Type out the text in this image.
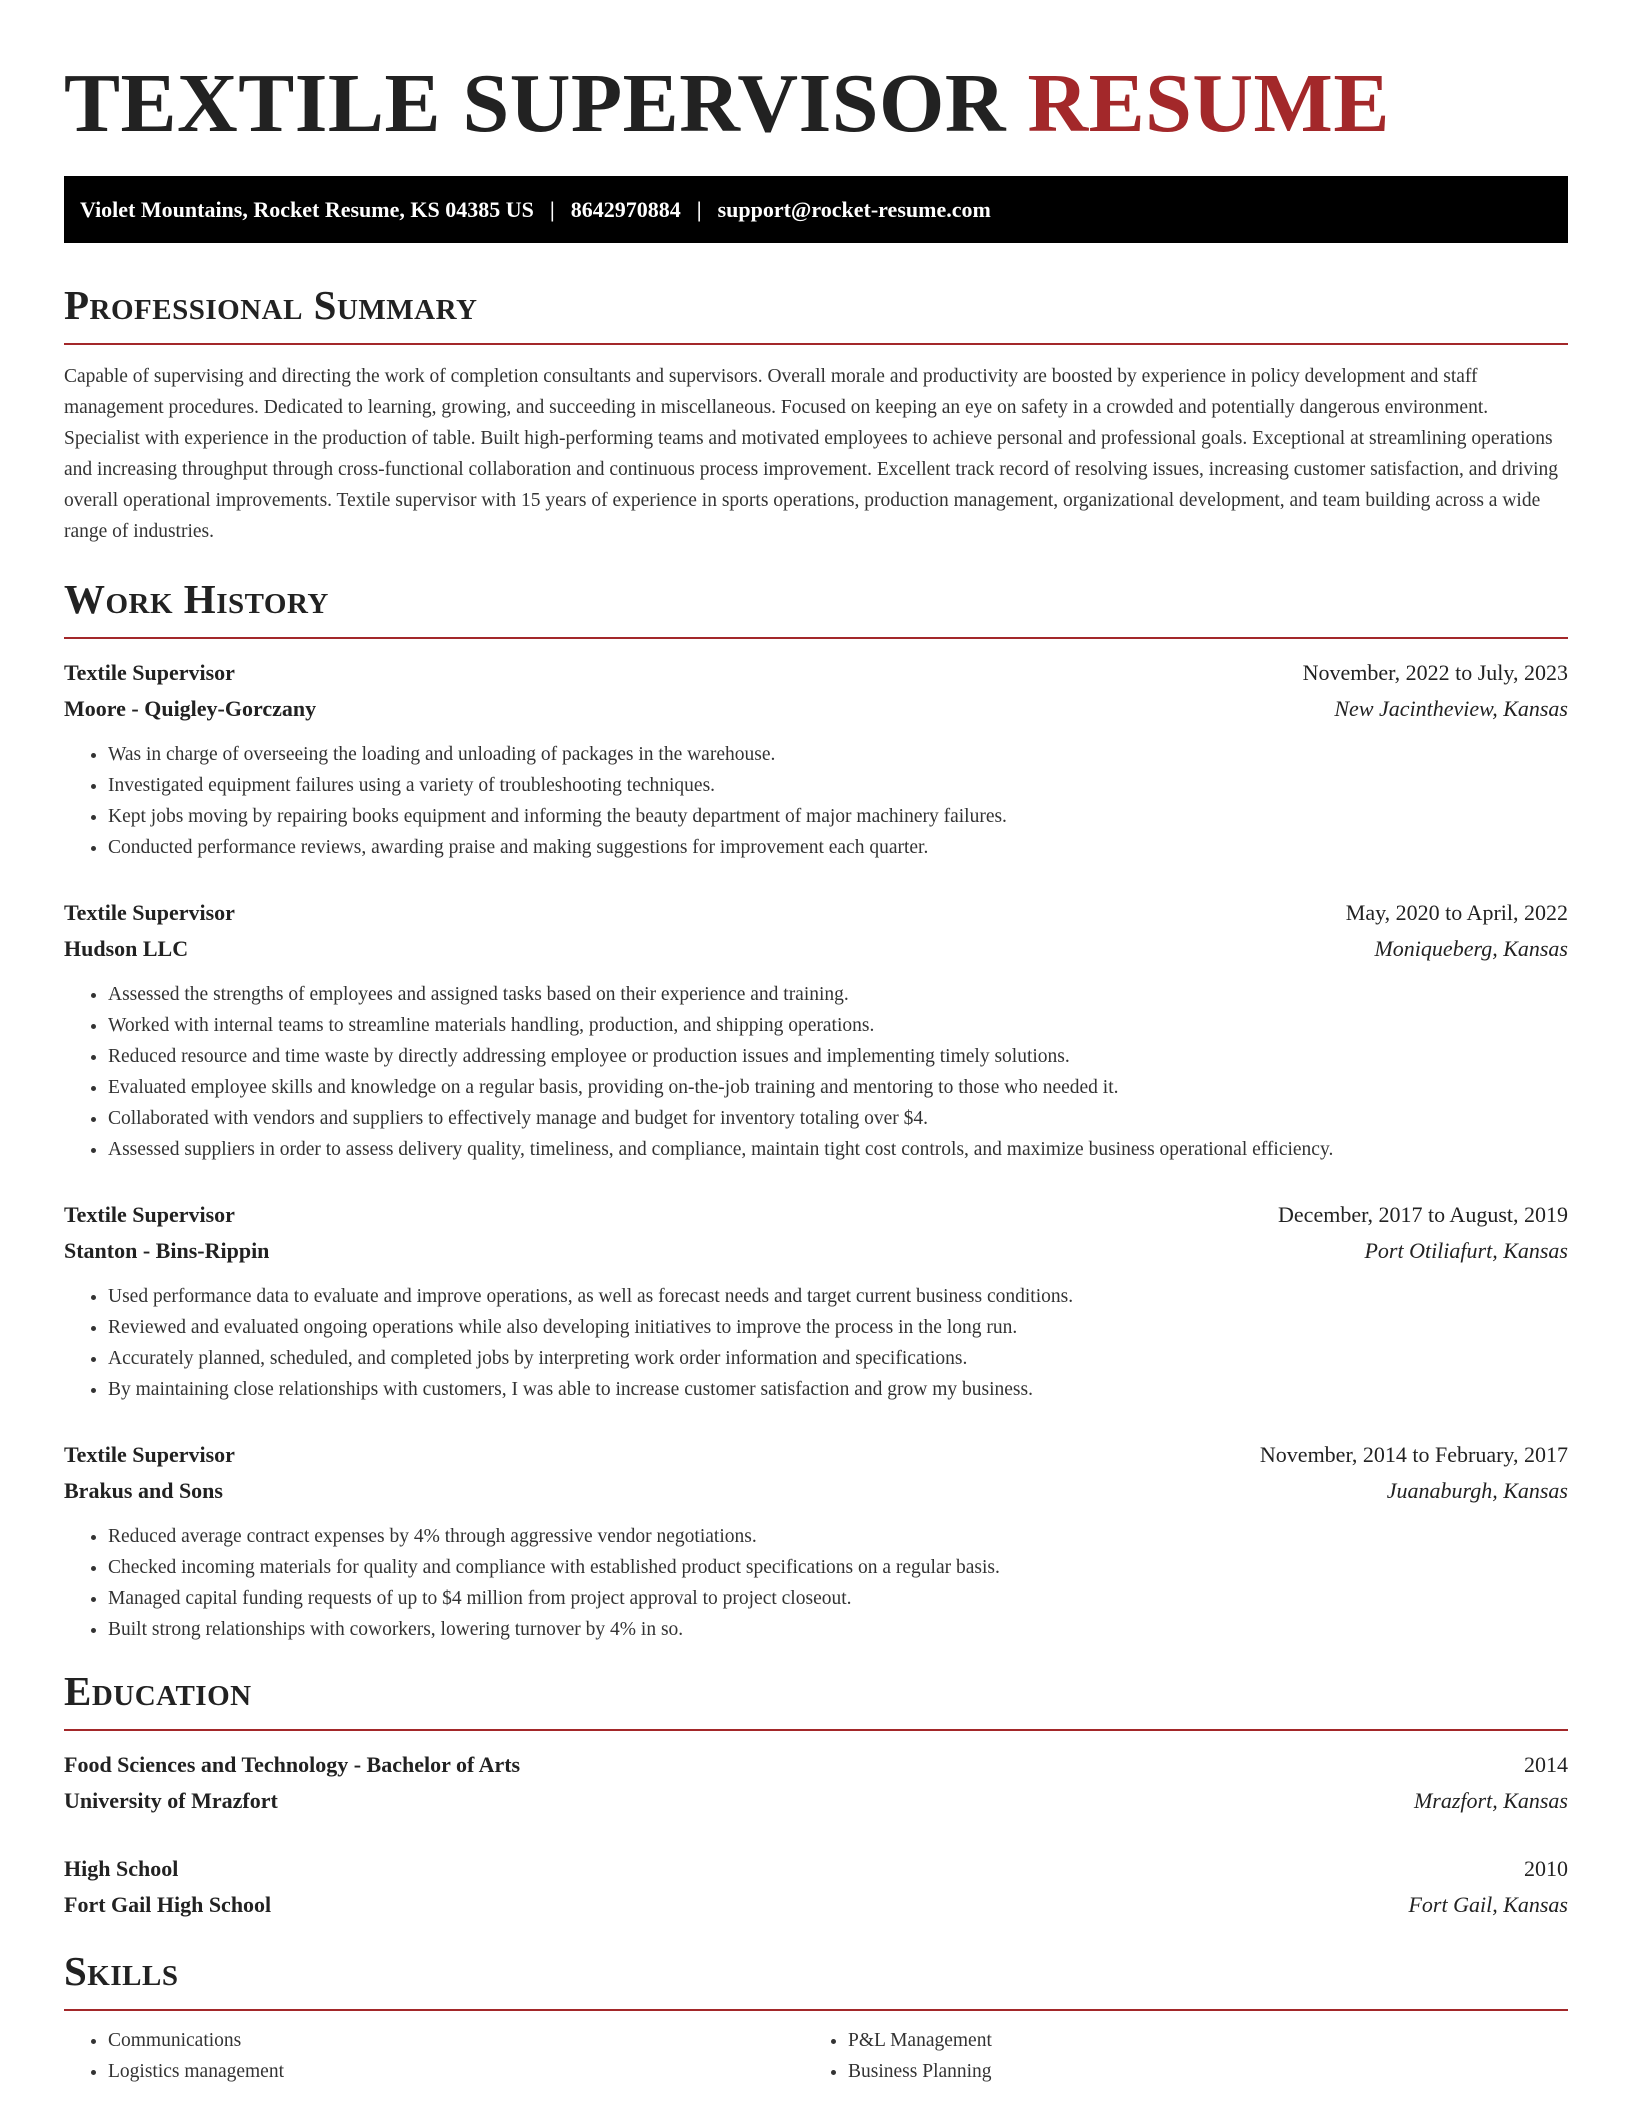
TEXTILE SUPERVISOR RESUME
Violet Mountains, Rocket Resume, KS 04385 US | 8642970884 | support@rocket-resume.com
Professional Summary

Capable of supervising and directing the work of completion consultants and supervisors. Overall morale and productivity are boosted by experience in policy development and staff management procedures. Dedicated to learning, growing, and succeeding in miscellaneous. Focused on keeping an eye on safety in a crowded and potentially dangerous environment. Specialist with experience in the production of table. Built high-performing teams and motivated employees to achieve personal and professional goals. Exceptional at streamlining operations and increasing throughput through cross-functional collaboration and continuous process improvement. Excellent track record of resolving issues, increasing customer satisfaction, and driving overall operational improvements. Textile supervisor with 15 years of experience in sports operations, production management, organizational development, and team building across a wide range of industries.

Work History
Textile Supervisor	November, 2022 to July, 2023
Moore - Quigley-Gorczany	New Jacintheview, Kansas
• Was in charge of overseeing the loading and unloading of packages in the warehouse.
• Investigated equipment failures using a variety of troubleshooting techniques.
• Kept jobs moving by repairing books equipment and informing the beauty department of major machinery failures.
• Conducted performance reviews, awarding praise and making suggestions for improvement each quarter.
Textile Supervisor	May, 2020 to April, 2022
Hudson LLC	Moniqueberg, Kansas
• Assessed the strengths of employees and assigned tasks based on their experience and training.
• Worked with internal teams to streamline materials handling, production, and shipping operations.
• Reduced resource and time waste by directly addressing employee or production issues and implementing timely solutions.
• Evaluated employee skills and knowledge on a regular basis, providing on-the-job training and mentoring to those who needed it.
• Collaborated with vendors and suppliers to effectively manage and budget for inventory totaling over $4.
• Assessed suppliers in order to assess delivery quality, timeliness, and compliance, maintain tight cost controls, and maximize business operational efficiency.
Textile Supervisor	December, 2017 to August, 2019
Stanton - Bins-Rippin	Port Otiliafurt, Kansas
• Used performance data to evaluate and improve operations, as well as forecast needs and target current business conditions.
• Reviewed and evaluated ongoing operations while also developing initiatives to improve the process in the long run.
• Accurately planned, scheduled, and completed jobs by interpreting work order information and specifications.
• By maintaining close relationships with customers, I was able to increase customer satisfaction and grow my business.
Textile Supervisor	November, 2014 to February, 2017
Brakus and Sons	Juanaburgh, Kansas
• Reduced average contract expenses by 4% through aggressive vendor negotiations.
• Checked incoming materials for quality and compliance with established product specifications on a regular basis.
• Managed capital funding requests of up to $4 million from project approval to project closeout.
• Built strong relationships with coworkers, lowering turnover by 4% in so.
Education
Food Sciences and Technology - Bachelor of Arts	2014
University of Mrazfort	Mrazfort, Kansas
High School	2010
Fort Gail High School	Fort Gail, Kansas
Skills
• Communications
• Logistics management
• P&L Management
• Business Planning
